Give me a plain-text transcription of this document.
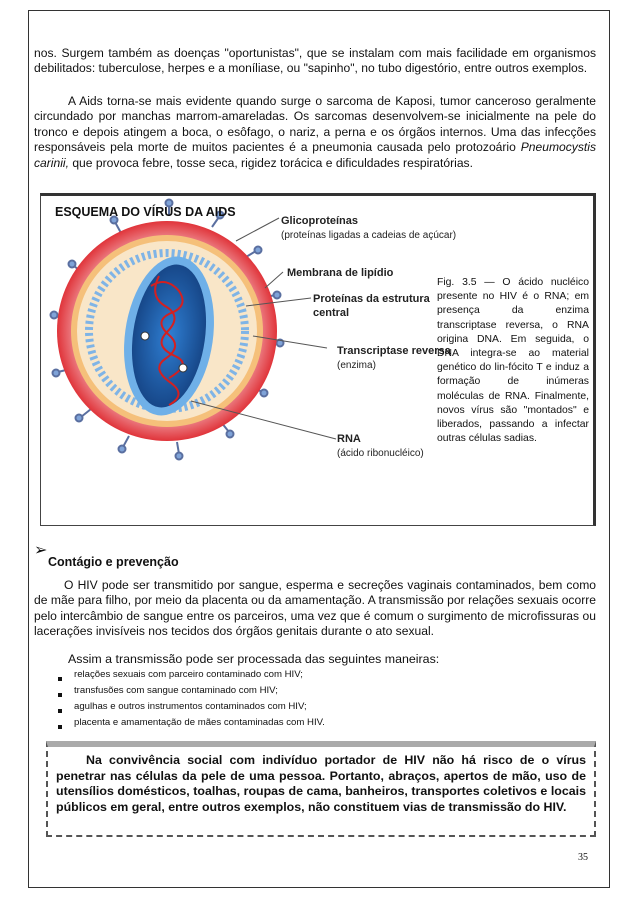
nos. Surgem também as doenças "oportunistas", que se instalam com mais facilidade em organismos debilitados: tuberculose, herpes e a moníliase, ou "sapinho", no tubo digestório, entre outros exemplos.

A Aids torna-se mais evidente quando surge o sarcoma de Kaposi, tumor canceroso geralmente circundado por manchas marrom-amareladas. Os sarcomas desenvolvem-se inicialmente na pele do tronco e depois atingem a boca, o esôfago, o nariz, a perna e os órgãos internos. Uma das infecções responsáveis pela morte de muitos pacientes é a pneumonia causada pelo protozoário Pneumocystis carinii, que provoca febre, tosse seca, rigidez torácica e dificuldades respiratórias.

Glicoproteínas
(proteínas ligadas a cadeias de açúcar)
Membrana de lipídio
Proteínas da estrutura
central
Transcriptase reversa
(enzima)
RNA
(ácido ribonucléico)

ESQUEMA DO VÍRUS DA AIDS

Fig. 3.5 — O ácido nucléico presente no HIV é o RNA; em presença da enzima transcriptase reversa, o RNA origina DNA. Em seguida, o DNA integra-se ao material genético do lin-fócito T e induz a formação de inúmeras moléculas de RNA. Finalmente, novos vírus são "montados" e liberados, passando a infectar outras células sadias.

➢
Contágio e prevenção

O HIV pode ser transmitido por sangue, esperma e secreções vaginais contaminados, bem como de mãe para filho, por meio da placenta ou da amamentação. A transmissão por relações sexuais ocorre pelo intercâmbio de sangue entre os parceiros, uma vez que é comum o surgimento de microfissuras ou lacerações invisíveis nos tecidos dos órgãos genitais durante o ato sexual.

Assim a transmissão pode ser processada das seguintes maneiras:

relações sexuais com parceiro contaminado com HIV;
transfusões com sangue contaminado com HIV;
agulhas e outros instrumentos contaminados com HIV;
placenta e amamentação de mães contaminadas com HIV.

Na convivência social com indivíduo portador de HIV não há risco de o vírus penetrar nas células da pele de uma pessoa. Portanto, abraços, apertos de mão, uso de utensílios domésticos, toalhas, roupas de cama, banheiros, transportes coletivos e locais públicos em geral, entre outros exemplos, não constituem vias de transmissão do HIV.

35
